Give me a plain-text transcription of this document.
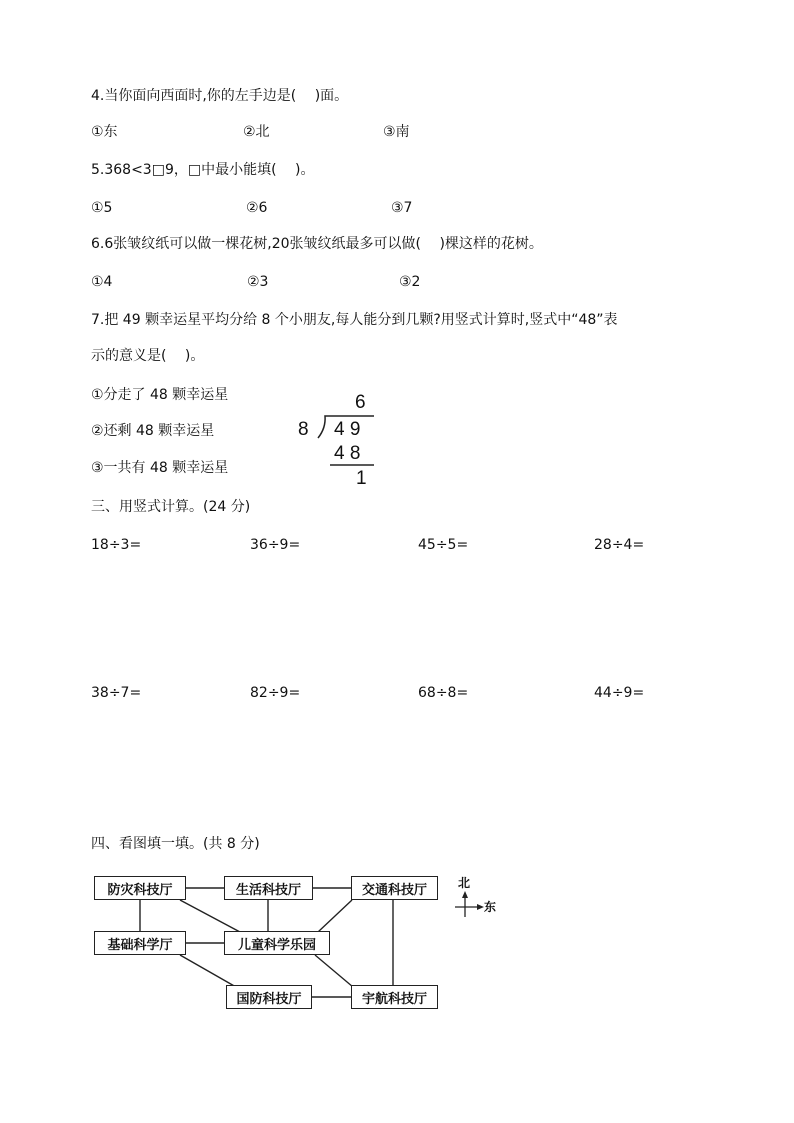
4.当你面向西面时,你的左手边是(　 )面。
①东	②北	③南
5.368<3□9，□中最小能填(　 )。
①5	②6	③7
6.6张皱纹纸可以做一棵花树,20张皱纹纸最多可以做(　 )棵这样的花树。
①4	②3	③2
7.把 49 颗幸运星平均分给 8 个小朋友,每人能分到几颗?用竖式计算时,竖式中“48”表
示的意义是(　 )。
①分走了 48 颗幸运星
②还剩 48 颗幸运星
③一共有 48 颗幸运星
6
8 4 9
4 8
1
三、用竖式计算。(24 分)
18÷3=	36÷9=	45÷5=	28÷4=
38÷7=	82÷9=	68÷8=	44÷9=
四、看图填一填。(共 8 分)
防灾科技厅	生活科技厅	交通科技厅
基础科学厅	儿童科学乐园
国防科技厅	宇航科技厅
北
东
